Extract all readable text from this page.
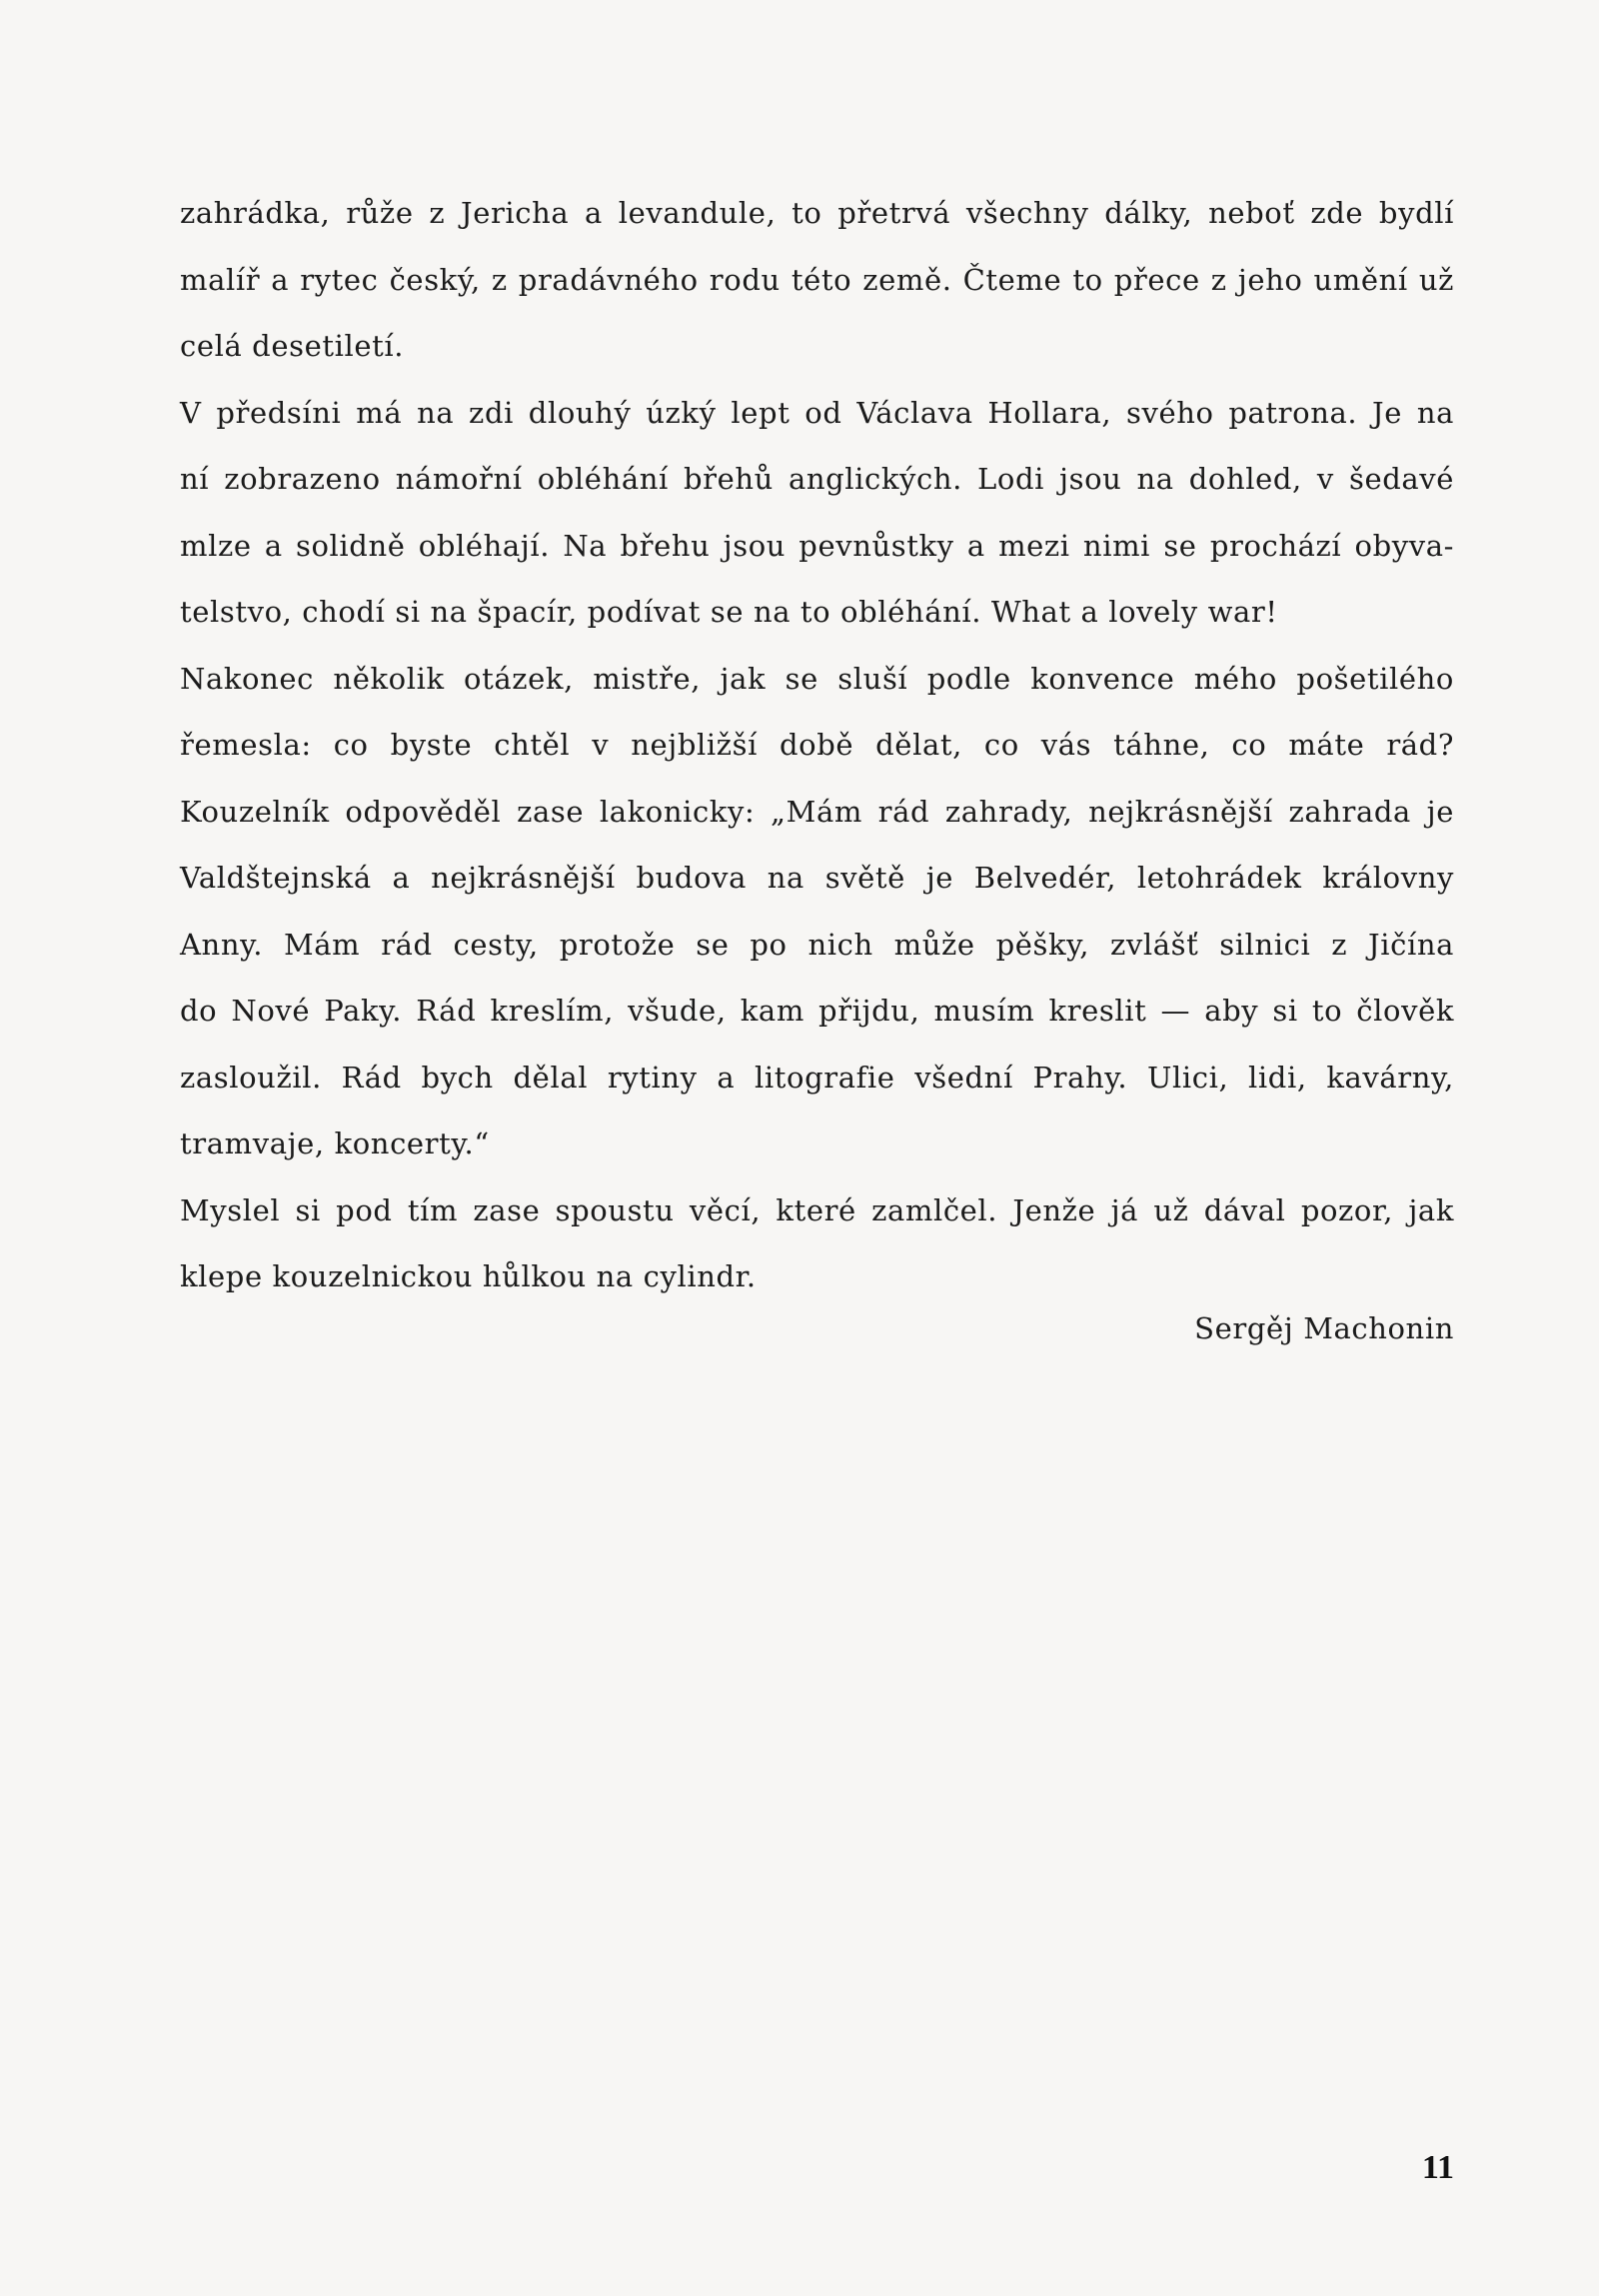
zahrádka, růže z Jericha a levandule, to přetrvá všechny dálky, neboť zde bydlí
malíř a rytec český, z pradávného rodu této země. Čteme to přece z jeho umění už
celá desetiletí.
V předsíni má na zdi dlouhý úzký lept od Václava Hollara, svého patrona. Je na
ní zobrazeno námořní obléhání břehů anglických. Lodi jsou na dohled, v šedavé
mlze a solidně obléhají. Na břehu jsou pevnůstky a mezi nimi se prochází obyva-
telstvo, chodí si na špacír, podívat se na to obléhání. What a lovely war!
Nakonec několik otázek, mistře, jak se sluší podle konvence mého pošetilého
řemesla: co byste chtěl v nejbližší době dělat, co vás táhne, co máte rád?
Kouzelník odpověděl zase lakonicky: „Mám rád zahrady, nejkrásnější zahrada je
Valdštejnská a nejkrásnější budova na světě je Belvedér, letohrádek královny
Anny. Mám rád cesty, protože se po nich může pěšky, zvlášť silnici z Jičína
do Nové Paky. Rád kreslím, všude, kam přijdu, musím kreslit — aby si to člověk
zasloužil. Rád bych dělal rytiny a litografie všední Prahy. Ulici, lidi, kavárny,
tramvaje, koncerty.“
Myslel si pod tím zase spoustu věcí, které zamlčel. Jenže já už dával pozor, jak
klepe kouzelnickou hůlkou na cylindr.
Sergěj Machonin
11
